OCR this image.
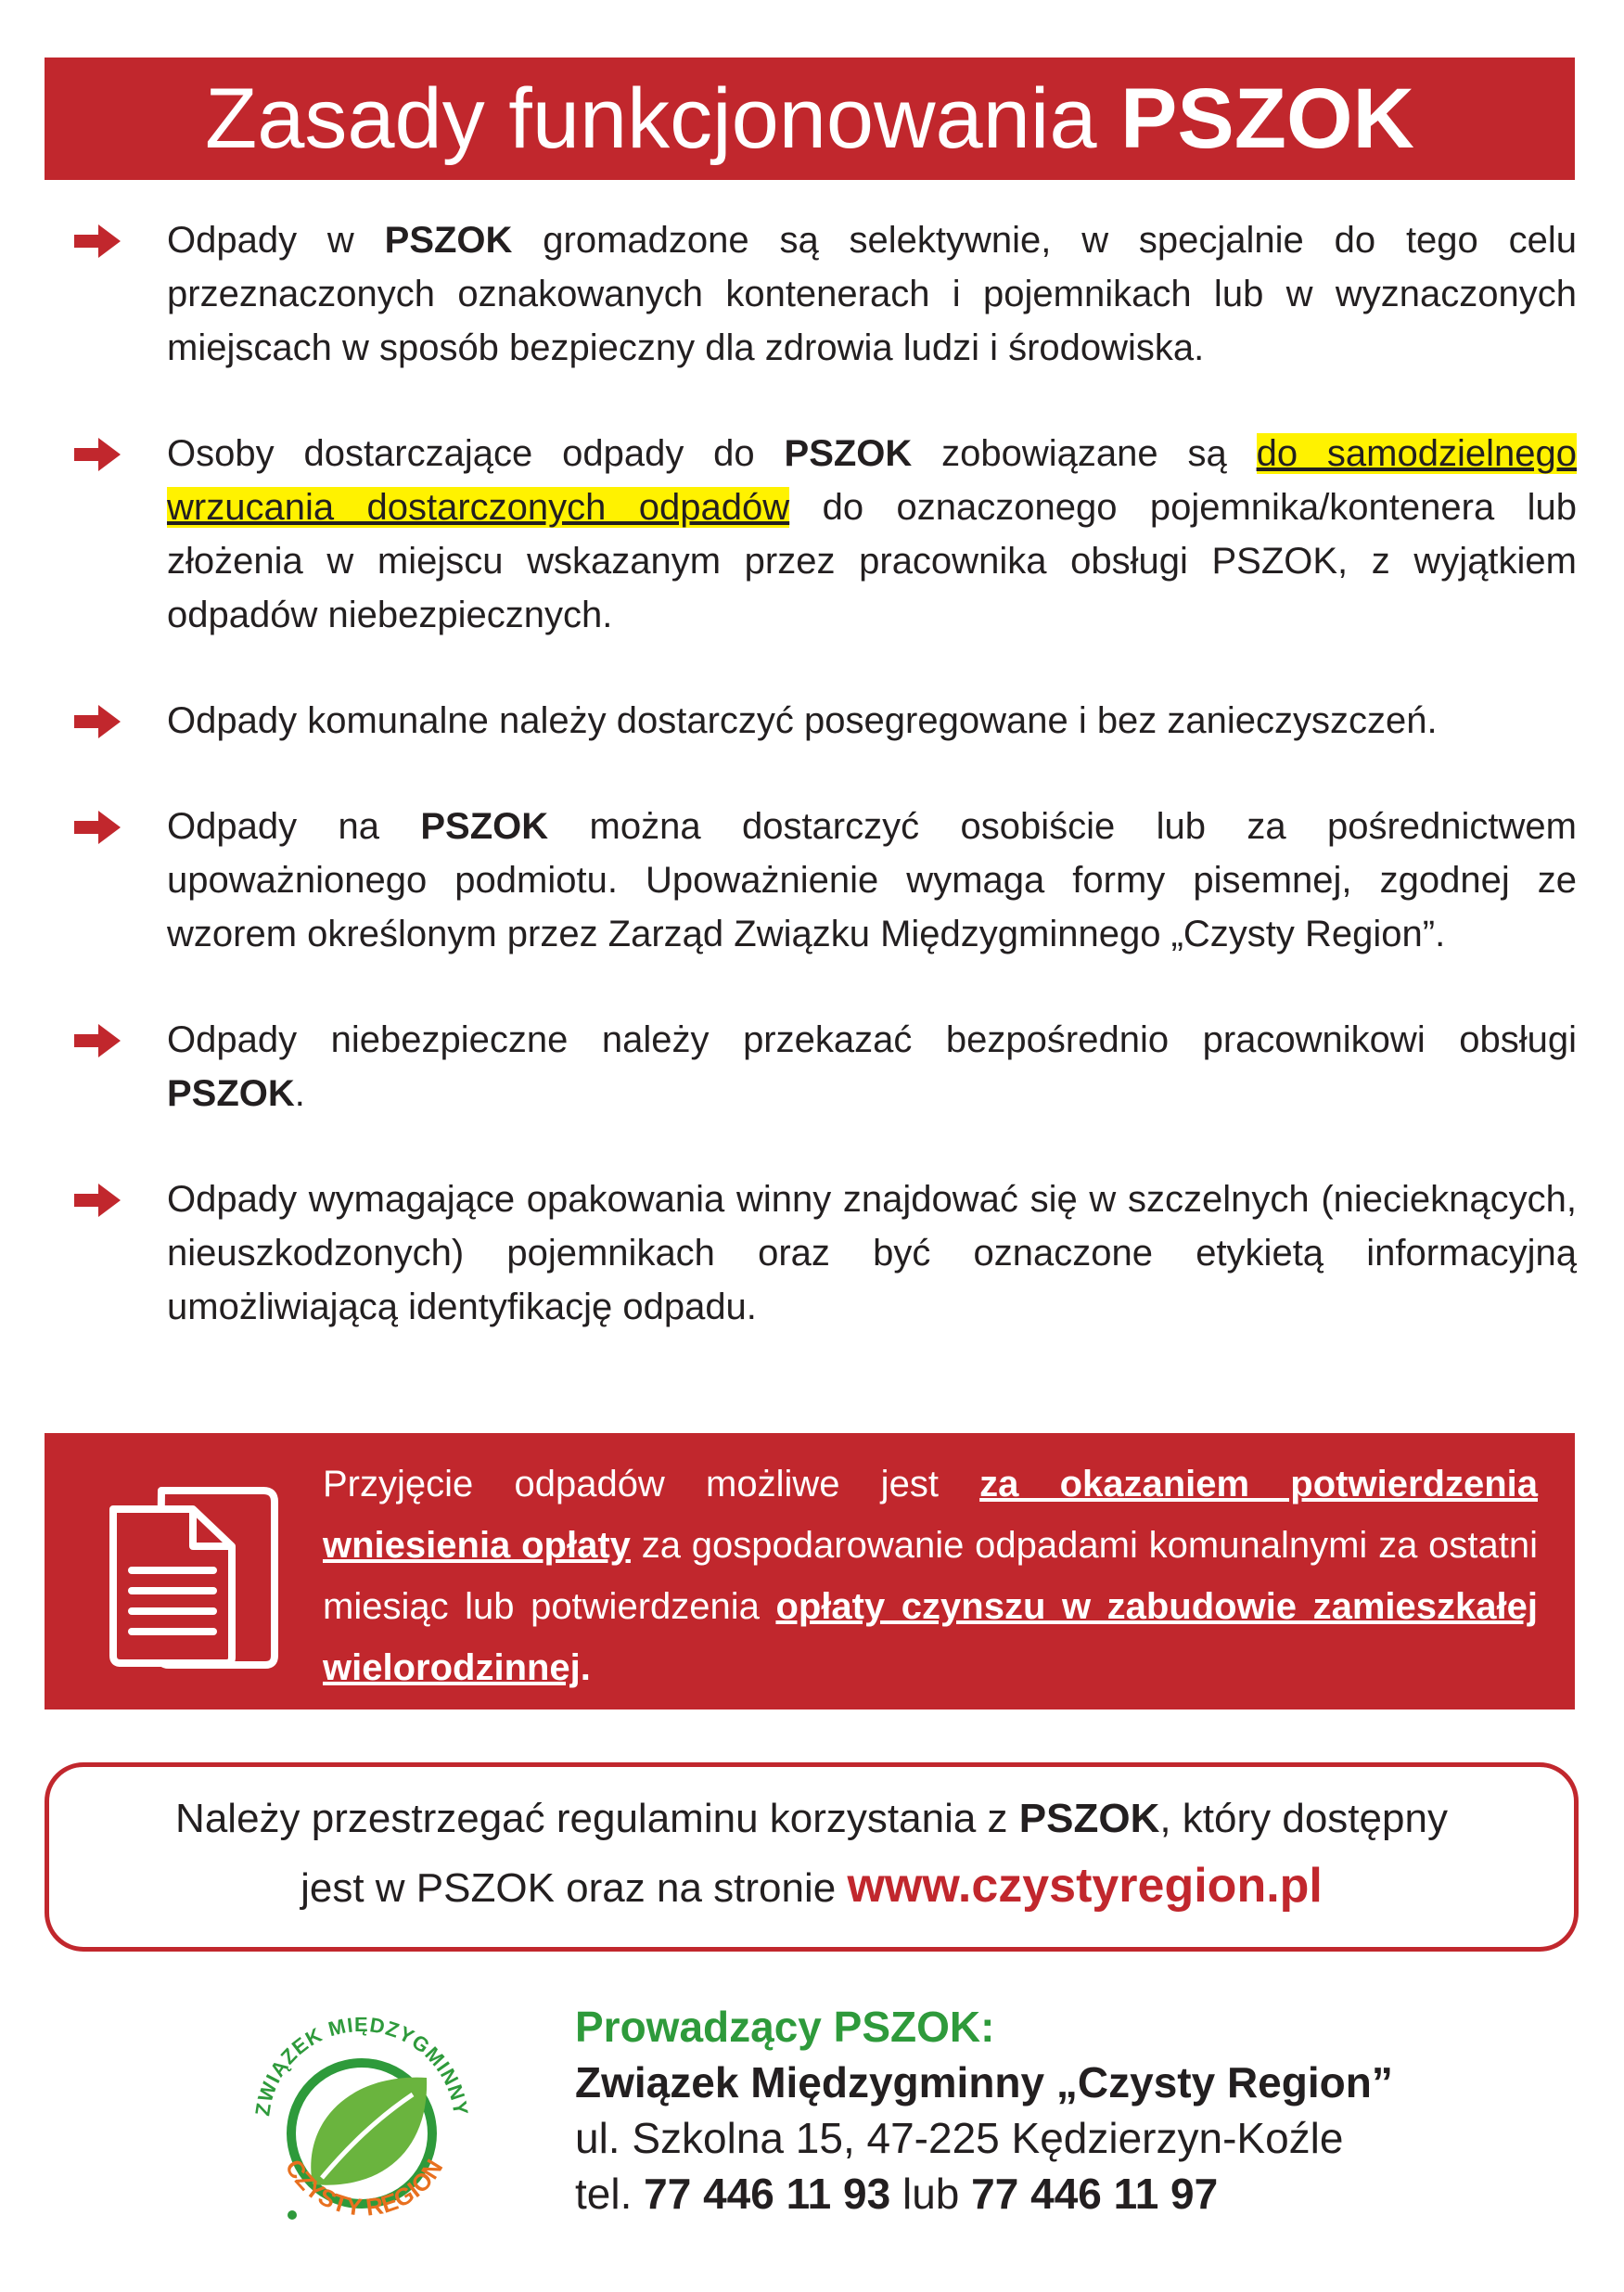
Zasady funkcjonowania PSZOK
Odpady w PSZOK gromadzone są selektywnie, w specjalnie do tego celu przeznaczonych oznakowanych kontenerach i pojemnikach lub w wyznaczonych miejscach w sposób bezpieczny dla zdrowia ludzi i środowiska.
Osoby dostarczające odpady do PSZOK zobowiązane są do samodzielnego wrzucania dostarczonych odpadów do oznaczonego pojemnika/kontenera lub złożenia w miejscu wskazanym przez pracownika obsługi PSZOK, z wyjątkiem odpadów niebezpiecznych.
Odpady komunalne należy dostarczyć posegregowane i bez zanieczyszczeń.
Odpady na PSZOK można dostarczyć osobiście lub za pośrednictwem upoważnionego podmiotu. Upoważnienie wymaga formy pisemnej, zgodnej ze wzorem określonym przez Zarząd Związku Międzygminnego „Czysty Region”.
Odpady niebezpieczne należy przekazać bezpośrednio pracownikowi obsługi PSZOK.
Odpady wymagające opakowania winny znajdować się w szczelnych (niecieknących, nieuszkodzonych) pojemnikach oraz być oznaczone etykietą informacyjną umożliwiającą identyfikację odpadu.
Przyjęcie odpadów możliwe jest za okazaniem potwierdzenia wniesienia opłaty za gospodarowanie odpadami komunalnymi za ostatni miesiąc lub potwierdzenia opłaty czynszu w zabudowie zamieszkałej wielorodzinnej.
Należy przestrzegać regulaminu korzystania z PSZOK, który dostępny
jest w PSZOK oraz na stronie www.czystyregion.pl
ZWIĄZEK MIĘDZYGMINNY
CZYSTY REGION
Prowadzący PSZOK:
Związek Międzygminny „Czysty Region”
ul. Szkolna 15, 47-225 Kędzierzyn-Koźle
tel. 77 446 11 93 lub 77 446 11 97
